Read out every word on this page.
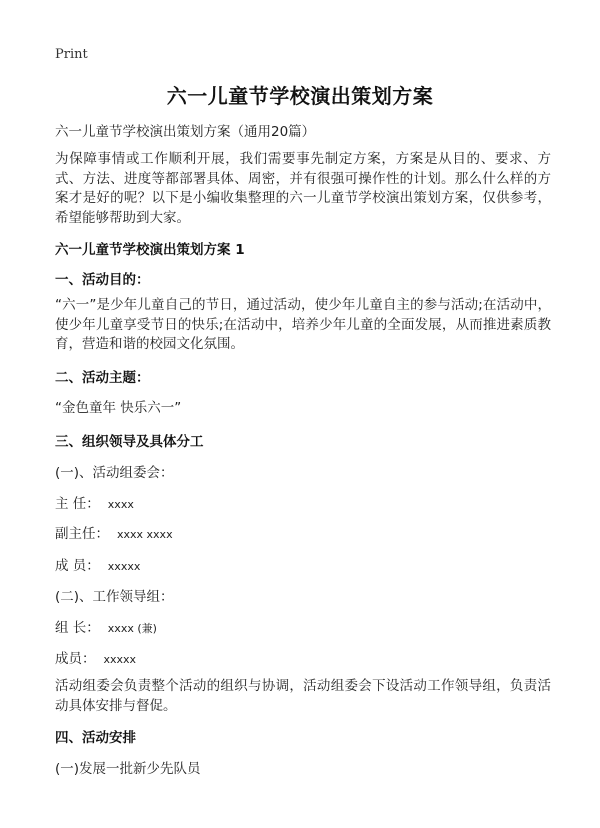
Print
六一儿童节学校演出策划方案
六一儿童节学校演出策划方案（通用20篇）
为保障事情或工作顺利开展，我们需要事先制定方案，方案是从目的、要求、方式、方法、进度等都部署具体、周密，并有很强可操作性的计划。那么什么样的方案才是好的呢？以下是小编收集整理的六一儿童节学校演出策划方案，仅供参考，希望能够帮助到大家。
六一儿童节学校演出策划方案 1
一、活动目的：
“六一”是少年儿童自己的节日，通过活动，使少年儿童自主的参与活动;在活动中，使少年儿童享受节日的快乐;在活动中，培养少年儿童的全面发展，从而推进素质教育，营造和谐的校园文化氛围。
二、活动主题：
“金色童年 快乐六一”
三、组织领导及具体分工
(一)、活动组委会：
主 任： xxxx
副主任： xxxx xxxx
成 员： xxxxx
(二)、工作领导组：
组 长： xxxx (兼)
成员： xxxxx
活动组委会负责整个活动的组织与协调，活动组委会下设活动工作领导组，负责活动具体安排与督促。
四、活动安排
(一)发展一批新少先队员
